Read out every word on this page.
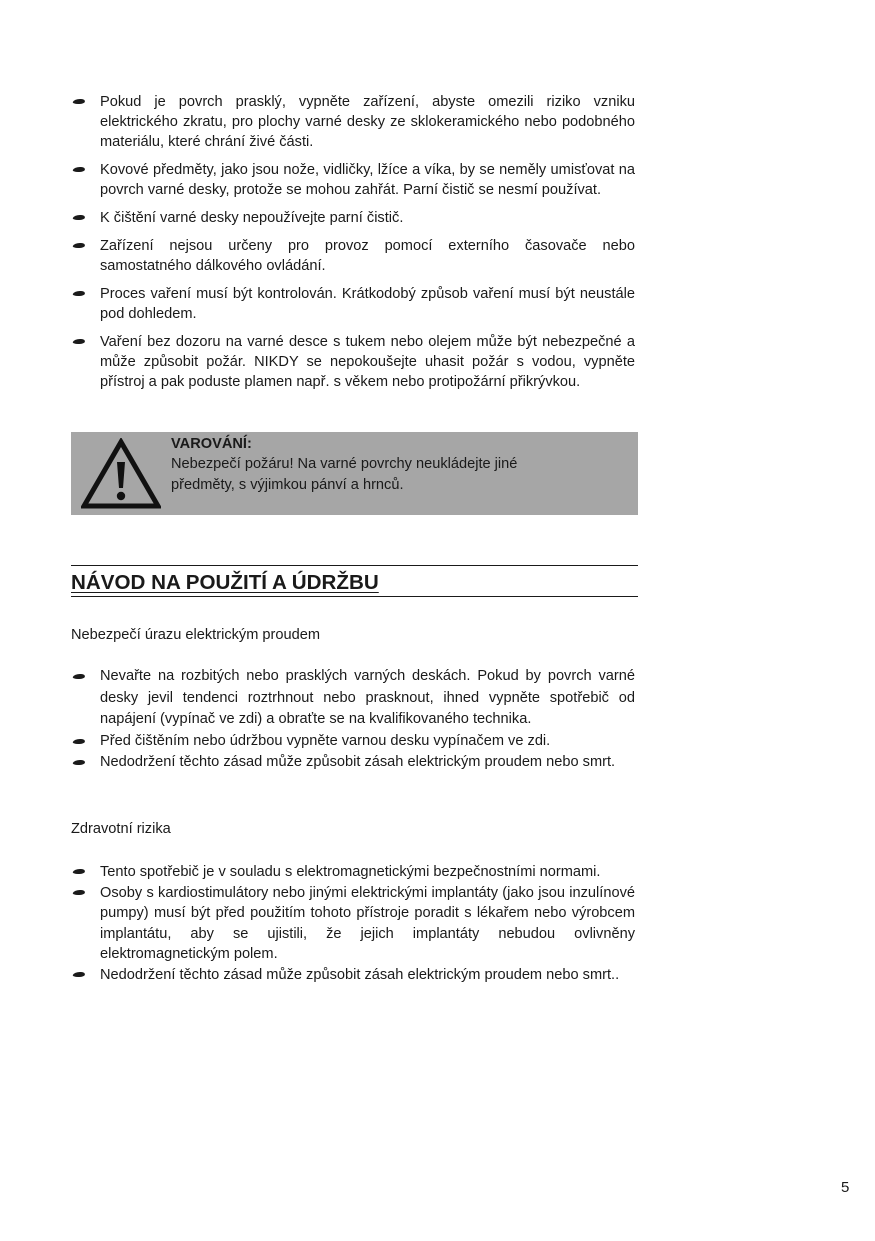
Pokud je povrch prasklý, vypněte zařízení, abyste omezili riziko vzniku elektrického zkratu, pro plochy varné desky ze sklokeramického nebo podobného materiálu, které chrání živé části.
Kovové předměty, jako jsou nože, vidličky, lžíce a víka, by se neměly umisťovat na povrch varné desky, protože se mohou zahřát. Parní čistič se nesmí používat.
K čištění varné desky nepoužívejte parní čistič.
Zařízení nejsou určeny pro provoz pomocí externího časovače nebo samostatného dálkového ovládání.
Proces vaření musí být kontrolován. Krátkodobý způsob vaření musí být neustále pod dohledem.
Vaření bez dozoru na varné desce s tukem nebo olejem může být nebezpečné a může způsobit požár. NIKDY se nepokoušejte uhasit požár s vodou, vypněte přístroj a pak poduste plamen např. s věkem nebo protipožární přikrývkou.
VAROVÁNÍ:
Nebezpečí požáru! Na varné povrchy neukládejte jiné
předměty, s výjimkou pánví a hrnců.
NÁVOD NA POUŽITÍ A ÚDRŽBU
Nebezpečí úrazu elektrickým proudem
Nevařte na rozbitých nebo prasklých varných deskách. Pokud by povrch varné desky jevil tendenci roztrhnout nebo prasknout, ihned vypněte spotřebič od napájení (vypínač ve zdi) a obraťte se na kvalifikovaného technika.
Před čištěním nebo údržbou vypněte varnou desku vypínačem ve zdi.
Nedodržení těchto zásad může způsobit zásah elektrickým proudem nebo smrt.
Zdravotní rizika
Tento spotřebič je v souladu s elektromagnetickými bezpečnostními normami.
Osoby s kardiostimulátory nebo jinými elektrickými implantáty (jako jsou inzulínové pumpy) musí být před použitím tohoto přístroje poradit s lékařem nebo výrobcem implantátu, aby se ujistili, že jejich implantáty nebudou ovlivněny elektromagnetickým polem.
Nedodržení těchto zásad může způsobit zásah elektrickým proudem nebo smrt..
5
